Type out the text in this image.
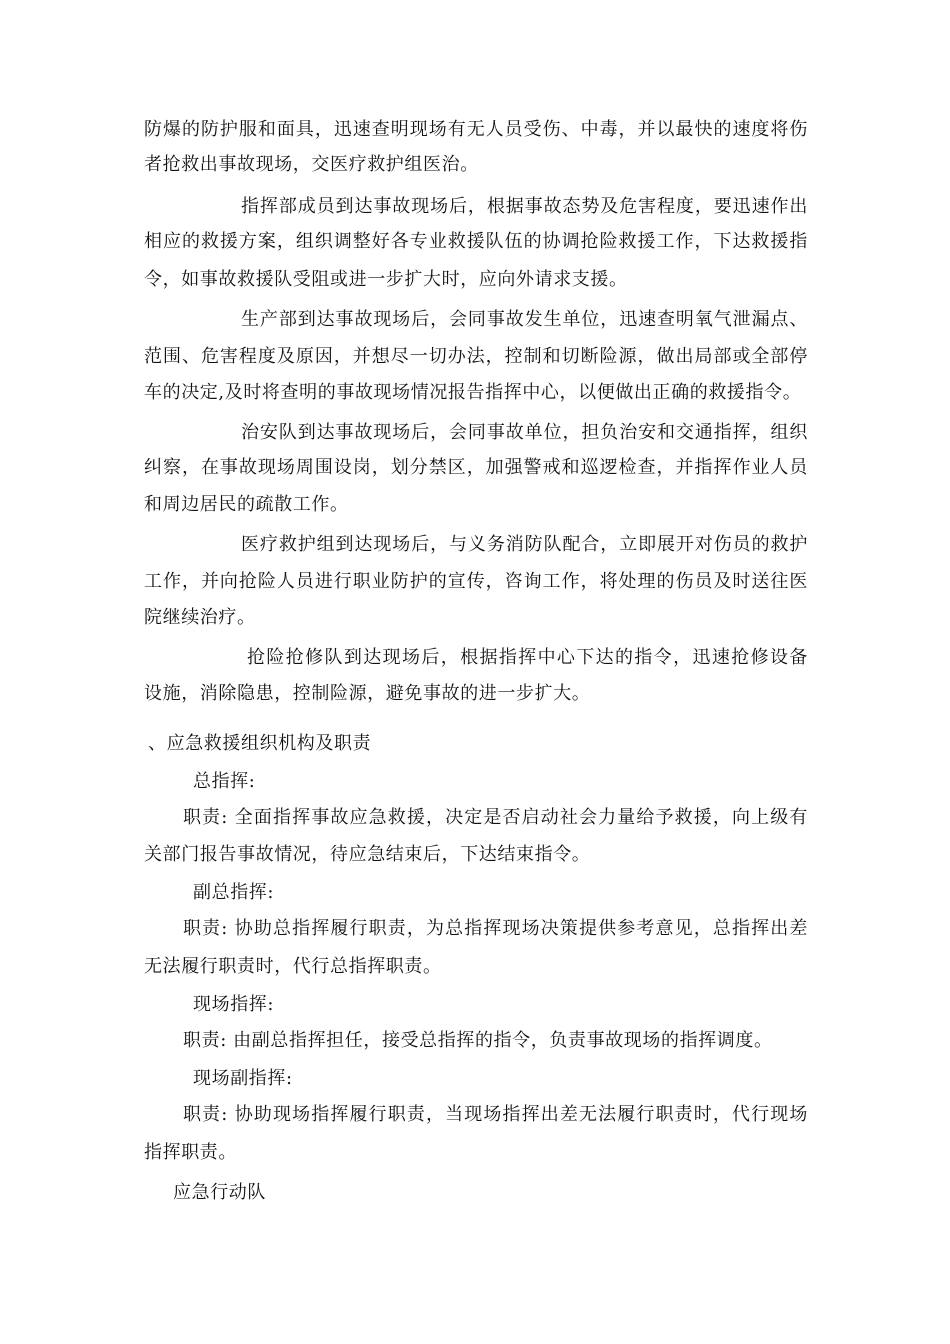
防爆的防护服和面具，迅速查明现场有无人员受伤、中毒，并以最快的速度将伤
者抢救出事故现场，交医疗救护组医治。
指挥部成员到达事故现场后，根据事故态势及危害程度，要迅速作出
相应的救援方案，组织调整好各专业救援队伍的协调抢险救援工作，下达救援指
令，如事故救援队受阻或进一步扩大时，应向外请求支援。
生产部到达事故现场后，会同事故发生单位，迅速查明氧气泄漏点、
范围、危害程度及原因，并想尽一切办法，控制和切断险源，做出局部或全部停
车的决定,及时将查明的事故现场情况报告指挥中心，以便做出正确的救援指令。
治安队到达事故现场后，会同事故单位，担负治安和交通指挥，组织
纠察，在事故现场周围设岗，划分禁区，加强警戒和巡逻检查，并指挥作业人员
和周边居民的疏散工作。
医疗救护组到达现场后，与义务消防队配合，立即展开对伤员的救护
工作，并向抢险人员进行职业防护的宣传，咨询工作，将处理的伤员及时送往医
院继续治疗。
抢险抢修队到达现场后，根据指挥中心下达的指令，迅速抢修设备
设施，消除隐患，控制险源，避免事故的进一步扩大。
、应急救援组织机构及职责
总指挥:
职责: 全面指挥事故应急救援，决定是否启动社会力量给予救援，向上级有
关部门报告事故情况，待应急结束后，下达结束指令。
副总指挥:
职责: 协助总指挥履行职责，为总指挥现场决策提供参考意见，总指挥出差
无法履行职责时，代行总指挥职责。
现场指挥:
职责: 由副总指挥担任，接受总指挥的指令，负责事故现场的指挥调度。
现场副指挥:
职责: 协助现场指挥履行职责，当现场指挥出差无法履行职责时，代行现场
指挥职责。
应急行动队
